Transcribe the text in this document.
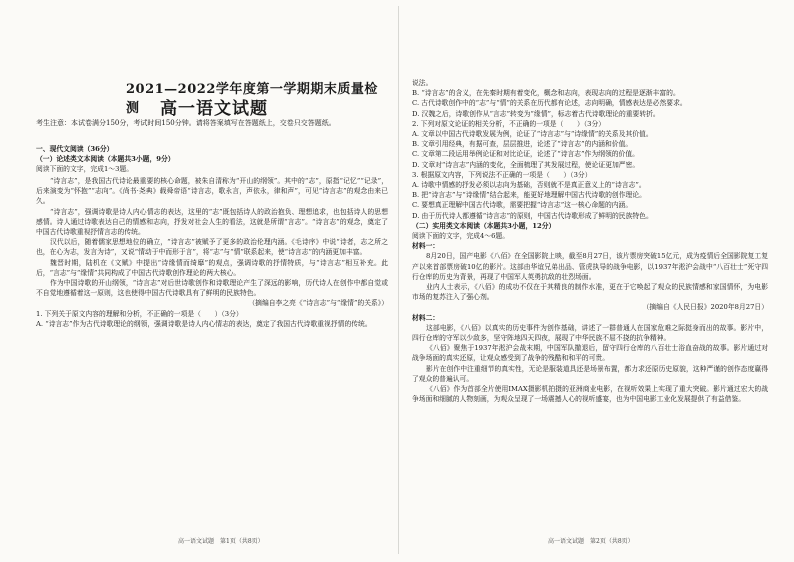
2021—2022学年度第一学期期末质量检测	高一语文试题
考生注意：本试卷满分150分，考试时间150分钟。请将答案填写在答题纸上，交卷只交答题纸。

一、现代文阅读（36分）

（一）论述类文本阅读（本题共3小题，9分）

阅读下面的文字，完成1～3题。

“诗言志”，是我国古代诗论最重要的核心命题，被朱自清称为“开山的纲领”。其中的“志”，原指“记忆”“记录”，后来演变为“怀抱”“志向”。《尚书·尧典》载舜帝语“诗言志，歌永言，声依永，律和声”，可见“诗言志”的观念由来已久。

“诗言志”，强调诗歌是诗人内心情志的表达，这里的“志”既包括诗人的政治抱负、理想追求，也包括诗人的思想感情。诗人通过诗歌表达自己的情感和志向，抒发对社会人生的看法，这就是所谓“言志”。“诗言志”的观念，奠定了中国古代诗歌重视抒情言志的传统。

汉代以后，随着儒家思想地位的确立，“诗言志”被赋予了更多的政治伦理内涵。《毛诗序》中说“诗者，志之所之也，在心为志，发言为诗”，又说“情动于中而形于言”，将“志”与“情”联系起来，使“诗言志”的内涵更加丰富。

魏晋时期，陆机在《文赋》中提出“诗缘情而绮靡”的观点，强调诗歌的抒情特质，与“诗言志”相互补充。此后，“言志”与“缘情”共同构成了中国古代诗歌创作理论的两大核心。

作为中国诗歌的开山纲领，“诗言志”对后世诗歌创作和诗歌理论产生了深远的影响，历代诗人在创作中都自觉或不自觉地遵循着这一原则，这也使得中国古代诗歌具有了鲜明的民族特色。

（摘编自李之亮《“诗言志”与“缘情”的关系》）

1. 下列关于原文内容的理解和分析，不正确的一项是（　　）（3分）

A. “诗言志”作为古代诗歌理论的纲领，强调诗歌是诗人内心情志的表达，奠定了我国古代诗歌重视抒情的传统。

高一语文试题　第1页（共8页）

说法。

B. “诗言志”的含义，在先秦时期有着变化，概念和志向，表现志向的过程是逐渐丰富的。

C. 古代诗歌创作中的“志”与“情”的关系在历代都有论述，志向明确，情感表达是必然要求。

D. 汉魏之后，诗歌创作从“言志”转变为“缘情”，标志着古代诗歌理论的重要转折。

2. 下列对原文论证的相关分析，不正确的一项是（　　）（3分）

A. 文章以中国古代诗歌发展为例，论证了“诗言志”与“诗缘情”的关系及其价值。

B. 文章引用经典，有据可查，层层推进，论述了“诗言志”的内涵和价值。

C. 文章第二段运用举例论证和对比论证，论述了“诗言志”作为纲领的价值。

D. 文章对“诗言志”内涵的变化，全面梳理了其发展过程，使论证更加严密。

3. 根据原文内容，下列说法不正确的一项是（　　）（3分）

A. 诗歌中情感的抒发必须以志向为基础，否则就不是真正意义上的“诗言志”。

B. 把“诗言志”与“诗缘情”结合起来，能更好地理解中国古代诗歌的创作理论。

C. 要想真正理解中国古代诗歌，需要把握“诗言志”这一核心命题的内涵。

D. 由于历代诗人都遵循“诗言志”的原则，中国古代诗歌形成了鲜明的民族特色。

（二）实用类文本阅读（本题共3小题，12分）

阅读下面的文字，完成4～6题。

材料一：

8月20日，国产电影《八佰》在全国影院上映，截至8月27日，该片票房突破15亿元，成为疫情后全国影院复工复产以来首部票房破10亿的影片。这部由华谊兄弟出品、管虎执导的战争电影，以1937年淞沪会战中“八百壮士”死守四行仓库的历史为背景，再现了中国军人英勇抗敌的壮烈场面。

业内人士表示，《八佰》的成功不仅在于其精良的制作水准，更在于它唤起了观众的民族情感和家国情怀，为电影市场的复苏注入了强心剂。

（摘编自《人民日报》2020年8月27日）

材料二：

这部电影，《八佰》以真实的历史事件为创作基础，讲述了一群普通人在国家危难之际挺身而出的故事。影片中，四行仓库的守军以少敌多，坚守阵地四天四夜，展现了中华民族不屈不挠的抗争精神。

《八佰》聚焦于1937年淞沪会战末期，中国军队撤退后，留守四行仓库的八百壮士浴血奋战的故事。影片通过对战争场面的真实还原，让观众感受到了战争的残酷和和平的可贵。

影片在创作中注重细节的真实性，无论是服装道具还是场景布置，都力求还原历史原貌，这种严谨的创作态度赢得了观众的普遍认可。

《八佰》作为首部全片使用IMAX摄影机拍摄的亚洲商业电影，在视听效果上实现了重大突破。影片通过宏大的战争场面和细腻的人物刻画，为观众呈现了一场震撼人心的视听盛宴，也为中国电影工业化发展提供了有益借鉴。

高一语文试题　第2页（共8页）
